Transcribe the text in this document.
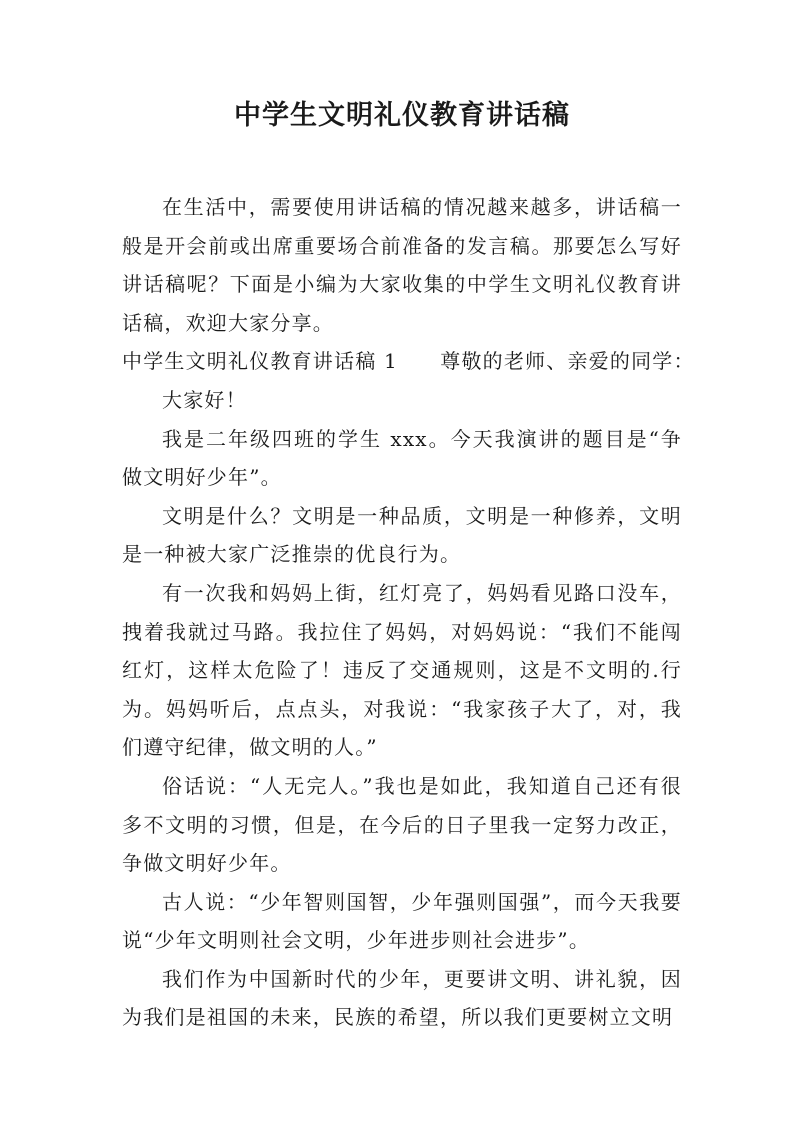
中学生文明礼仪教育讲话稿

在生活中，需要使用讲话稿的情况越来越多，讲话稿一般是开会前或出席重要场合前准备的发言稿。那要怎么写好讲话稿呢？下面是小编为大家收集的中学生文明礼仪教育讲话稿，欢迎大家分享。

中学生文明礼仪教育讲话稿 1　　尊敬的老师、亲爱的同学：

大家好！

我是二年级四班的学生 xxx。今天我演讲的题目是“争做文明好少年”。

文明是什么？文明是一种品质，文明是一种修养，文明是一种被大家广泛推崇的优良行为。

有一次我和妈妈上街，红灯亮了，妈妈看见路口没车，拽着我就过马路。我拉住了妈妈，对妈妈说：“我们不能闯红灯，这样太危险了！违反了交通规则，这是不文明的.行为。妈妈听后，点点头，对我说：“我家孩子大了，对，我们遵守纪律，做文明的人。”

俗话说：“人无完人。”我也是如此，我知道自己还有很多不文明的习惯，但是，在今后的日子里我一定努力改正，争做文明好少年。

古人说：“少年智则国智，少年强则国强”，而今天我要说“少年文明则社会文明，少年进步则社会进步”。

我们作为中国新时代的少年，更要讲文明、讲礼貌，因为我们是祖国的未来，民族的希望，所以我们更要树立文明
